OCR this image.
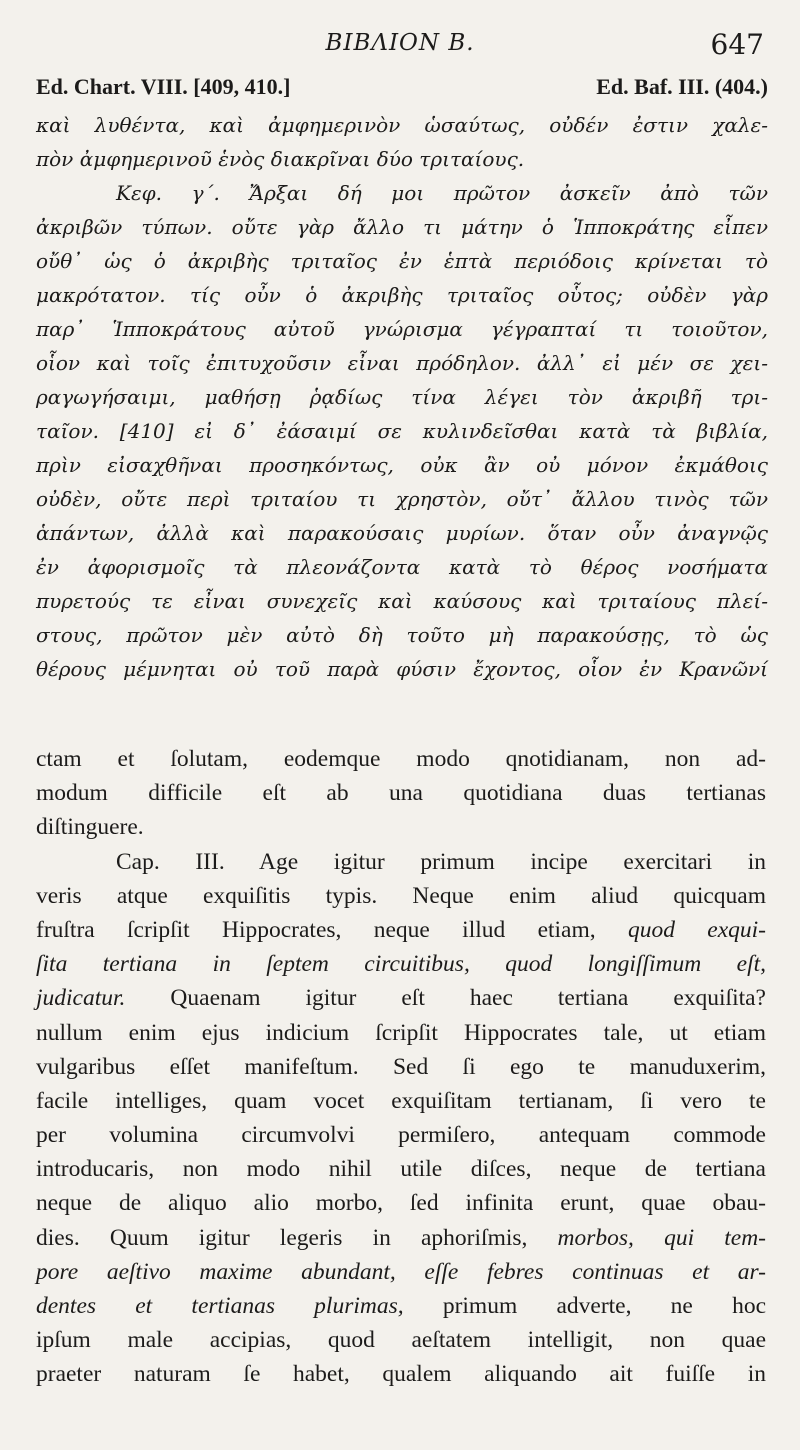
ΒΙΒΛΙΟΝ Β.	647
Ed. Chart. VIII. [409, 410.]	Ed. Baf. III. (404.)
καὶ λυθέντα, καὶ ἀμφημερινὸν ὡσαύτως, οὐδέν ἐστιν χαλε-
πὸν ἀμφημερινοῦ ἑνὸς διακρῖναι δύο τριταίους.
Κεφ. γ΄. Ἄρξαι δή μοι πρῶτον ἀσκεῖν ἀπὸ τῶν
ἀκριβῶν τύπων. οὔτε γὰρ ἄλλο τι μάτην ὁ Ἱπποκράτης εἶπεν
οὔθ᾽ ὡς ὁ ἀκριβὴς τριταῖος ἐν ἑπτὰ περιόδοις κρίνεται τὸ
μακρότατον. τίς οὖν ὁ ἀκριβὴς τριταῖος οὗτος; οὐδὲν γὰρ
παρ᾽ Ἱπποκράτους αὐτοῦ γνώρισμα γέγραπταί τι τοιοῦτον,
οἷον καὶ τοῖς ἐπιτυχοῦσιν εἶναι πρόδηλον. ἀλλ᾽ εἰ μέν σε χει-
ραγωγήσαιμι, μαθήσῃ ῥᾳδίως τίνα λέγει τὸν ἀκριβῆ τρι-
ταῖον. [410] εἰ δ᾽ ἐάσαιμί σε κυλινδεῖσθαι κατὰ τὰ βιβλία,
πρὶν εἰσαχθῆναι προσηκόντως, οὐκ ἂν οὐ μόνον ἐκμάθοις
οὐδὲν, οὔτε περὶ τριταίου τι χρηστὸν, οὔτ᾽ ἄλλου τινὸς τῶν
ἁπάντων, ἀλλὰ καὶ παρακούσαις μυρίων. ὅταν οὖν ἀναγνῷς
ἐν ἀφορισμοῖς τὰ πλεονάζοντα κατὰ τὸ θέρος νοσήματα
πυρετούς τε εἶναι συνεχεῖς καὶ καύσους καὶ τριταίους πλεί-
στους, πρῶτον μὲν αὐτὸ δὴ τοῦτο μὴ παρακούσῃς, τὸ ὡς
θέρους μέμνηται οὐ τοῦ παρὰ φύσιν ἔχοντος, οἷον ἐν Κρανῶνί
ctam et ſolutam, eodemque modo qnotidianam, non ad-
modum difficile eſt ab una quotidiana duas tertianas
diſtinguere.
Cap. III. Age igitur primum incipe exercitari in
veris atque exquiſitis typis. Neque enim aliud quicquam
fruſtra ſcripſit Hippocrates, neque illud etiam, quod exqui-
ſita tertiana in ſeptem circuitibus, quod longiſſimum eſt,
judicatur. Quaenam igitur eſt haec tertiana exquiſita?
nullum enim ejus indicium ſcripſit Hippocrates tale, ut etiam
vulgaribus eſſet manifeſtum. Sed ſi ego te manuduxerim,
facile intelliges, quam vocet exquiſitam tertianam, ſi vero te
per volumina circumvolvi permiſero, antequam commode
introducaris, non modo nihil utile diſces, neque de tertiana
neque de aliquo alio morbo, ſed infinita erunt, quae obau-
dies. Quum igitur legeris in aphoriſmis, morbos, qui tem-
pore aeſtivo maxime abundant, eſſe febres continuas et ar-
dentes et tertianas plurimas, primum adverte, ne hoc
ipſum male accipias, quod aeſtatem intelligit, non quae
praeter naturam ſe habet, qualem aliquando ait fuiſſe in
